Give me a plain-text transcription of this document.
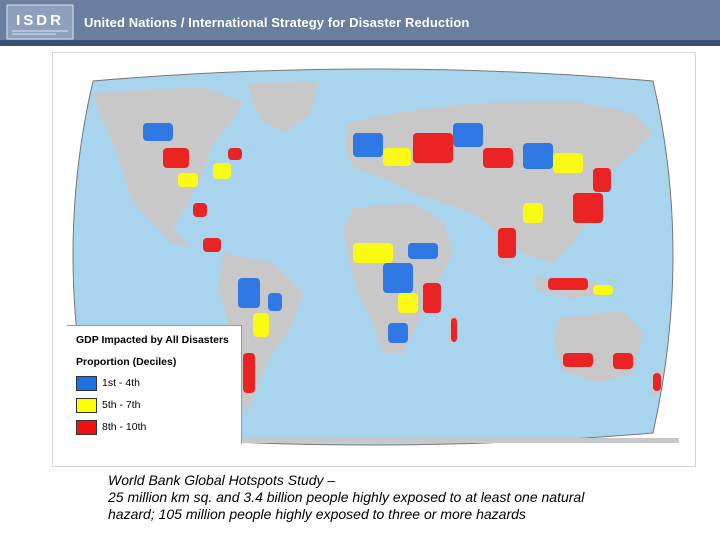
ISDR United Nations / International Strategy for Disaster Reduction
GDP Impacted by All Disasters
Proportion (Deciles)
1st - 4th
5th - 7th
8th - 10th
World Bank Global Hotspots Study –
25 million km sq. and 3.4 billion people highly exposed to at least one natural
hazard; 105 million people highly exposed to three or more hazards
